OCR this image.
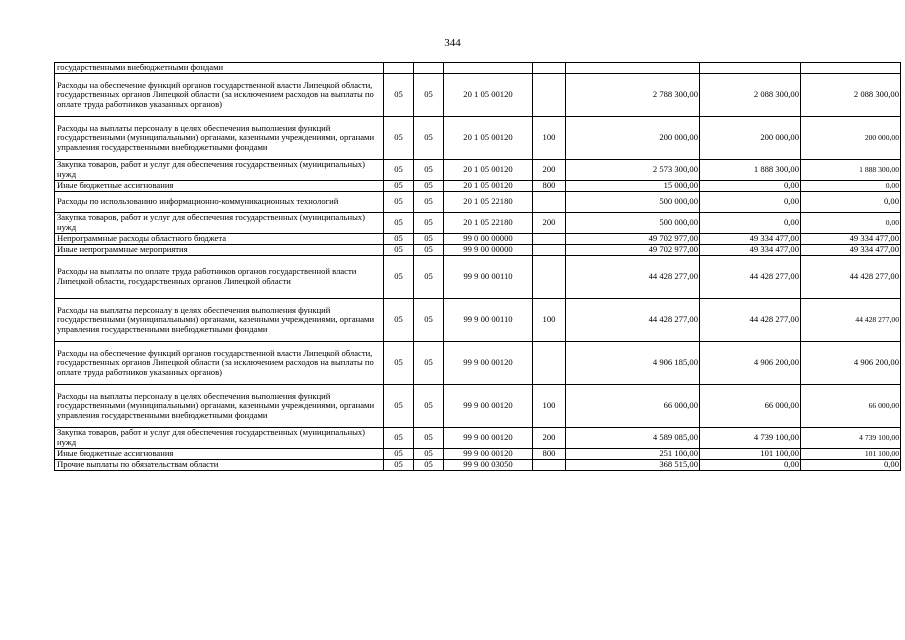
344
государственными внебюджетными фондами							
Расходы на обеспечение функций органов государственной власти Липецкой области, государственных органов Липецкой области (за исключением расходов на выплаты по оплате труда работников указанных органов)	05	05	20 1 05 00120		2 788 300,00	2 088 300,00	2 088 300,00
Расходы на выплаты персоналу в целях обеспечения выполнения функций государственными (муниципальными) органами, казенными учреждениями, органами управления государственными внебюджетными фондами	05	05	20 1 05 00120	100	200 000,00	200 000,00	200 000,00
Закупка товаров, работ и услуг для обеспечения государственных (муниципальных) нужд	05	05	20 1 05 00120	200	2 573 300,00	1 888 300,00	1 888 300,00
Иные бюджетные ассигнования	05	05	20 1 05 00120	800	15 000,00	0,00	0,00
Расходы по использованию информационно-коммуникационных технологий	05	05	20 1 05 22180		500 000,00	0,00	0,00
Закупка товаров, работ и услуг для обеспечения государственных (муниципальных) нужд	05	05	20 1 05 22180	200	500 000,00	0,00	0,00
Непрограммные расходы областного бюджета	05	05	99 0 00 00000		49 702 977,00	49 334 477,00	49 334 477,00
Иные непрограммные мероприятия	05	05	99 9 00 00000		49 702 977,00	49 334 477,00	49 334 477,00
Расходы на выплаты по оплате труда работников органов государственной власти Липецкой области, государственных органов Липецкой области	05	05	99 9 00 00110		44 428 277,00	44 428 277,00	44 428 277,00
Расходы на выплаты персоналу в целях обеспечения выполнения функций государственными (муниципальными) органами, казенными учреждениями, органами управления государственными внебюджетными фондами	05	05	99 9 00 00110	100	44 428 277,00	44 428 277,00	44 428 277,00
Расходы на обеспечение функций органов государственной власти Липецкой области, государственных органов Липецкой области (за исключением расходов на выплаты по оплате труда работников указанных органов)	05	05	99 9 00 00120		4 906 185,00	4 906 200,00	4 906 200,00
Расходы на выплаты персоналу в целях обеспечения выполнения функций государственными (муниципальными) органами, казенными учреждениями, органами управления государственными внебюджетными фондами	05	05	99 9 00 00120	100	66 000,00	66 000,00	66 000,00
Закупка товаров, работ и услуг для обеспечения государственных (муниципальных) нужд	05	05	99 9 00 00120	200	4 589 085,00	4 739 100,00	4 739 100,00
Иные бюджетные ассигнования	05	05	99 9 00 00120	800	251 100,00	101 100,00	101 100,00
Прочие выплаты по обязательствам области	05	05	99 9 00 03050		368 515,00	0,00	0,00
